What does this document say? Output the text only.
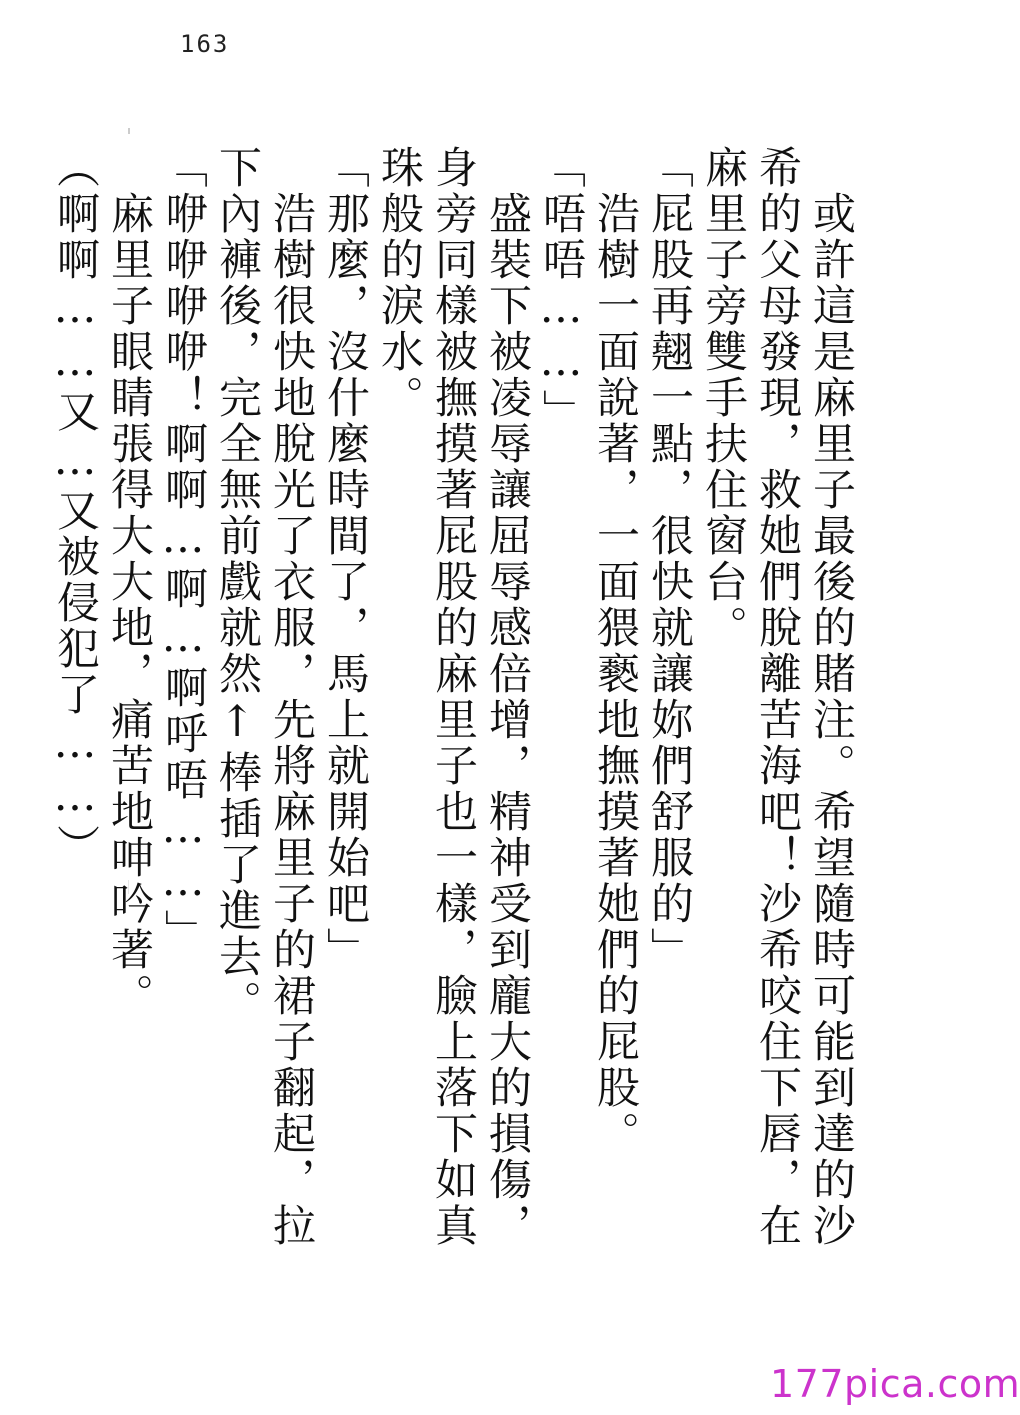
163

　或許這是麻里子最後的賭注。希望隨時可能到達的沙希的父母發現，救她們脫離苦海吧！沙希咬住下唇，在麻里子旁雙手扶住窗台。

「屁股再翹一點，很快就讓妳們舒服的」

　浩樹一面說著，一面猥褻地撫摸著她們的屁股。

「唔唔……」

　盛裝下被凌辱讓屈辱感倍增，精神受到龐大的損傷，身旁同樣被撫摸著屁股的麻里子也一樣，臉上落下如真珠般的淚水。

「那麼，沒什麼時間了，馬上就開始吧」

　浩樹很快地脫光了衣服，先將麻里子的裙子翻起，拉下內褲後，完全無前戲就然↑棒插了進去。

「咿咿咿咿！啊啊…啊…啊呼唔……」

　麻里子眼睛張得大大地，痛苦地呻吟著。

（啊啊……又…又被侵犯了……）

177pica.com
